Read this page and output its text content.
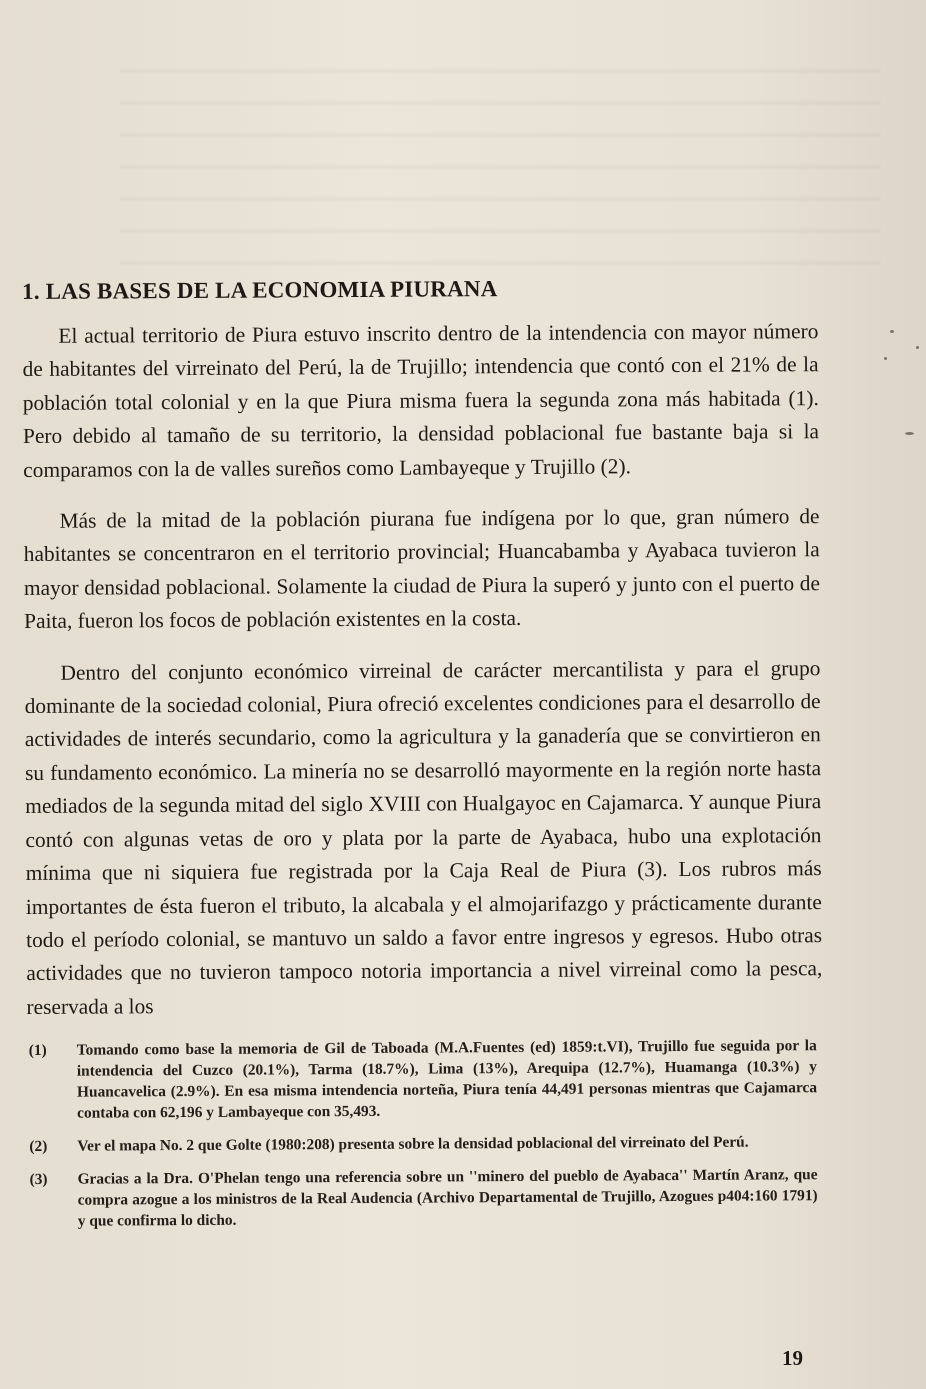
1. LAS BASES DE LA ECONOMIA PIURANA

El actual territorio de Piura estuvo inscrito dentro de la intendencia con mayor número de habitantes del virreinato del Perú, la de Trujillo; intendencia que contó con el 21% de la población total colonial y en la que Piura misma fuera la segunda zona más habitada (1). Pero debido al tamaño de su territorio, la densidad poblacional fue bastante baja si la comparamos con la de valles sureños como Lambayeque y Trujillo (2).

Más de la mitad de la población piurana fue indígena por lo que, gran número de habitantes se concentraron en el territorio provincial; Huancabamba y Ayabaca tuvieron la mayor densidad poblacional. Solamente la ciudad de Piura la superó y junto con el puerto de Paita, fueron los focos de población existentes en la costa.

Dentro del conjunto económico virreinal de carácter mercantilista y para el grupo dominante de la sociedad colonial, Piura ofreció excelentes condiciones para el desarrollo de actividades de interés secundario, como la agricultura y la ganadería que se convirtieron en su fundamento económico. La minería no se desarrolló mayormente en la región norte hasta mediados de la segunda mitad del siglo XVIII con Hualgayoc en Cajamarca. Y aunque Piura contó con algunas vetas de oro y plata por la parte de Ayabaca, hubo una explotación mínima que ni siquiera fue registrada por la Caja Real de Piura (3). Los rubros más importantes de ésta fueron el tributo, la alcabala y el almojarifazgo y prácticamente durante todo el período colonial, se mantuvo un saldo a favor entre ingresos y egresos. Hubo otras actividades que no tuvieron tampoco notoria importancia a nivel virreinal como la pesca, reservada a los

(1)	Tomando como base la memoria de Gil de Taboada (M.A.Fuentes (ed) 1859:t.VI), Trujillo fue seguida por la intendencia del Cuzco (20.1%), Tarma (18.7%), Lima (13%), Arequipa (12.7%), Huamanga (10.3%) y Huancavelica (2.9%). En esa misma intendencia norteña, Piura tenía 44,491 personas mientras que Cajamarca contaba con 62,196 y Lambayeque con 35,493.
(2)	Ver el mapa No. 2 que Golte (1980:208) presenta sobre la densidad poblacional del virreinato del Perú.
(3)	Gracias a la Dra. O'Phelan tengo una referencia sobre un ''minero del pueblo de Ayabaca'' Martín Aranz, que compra azogue a los ministros de la Real Audencia (Archivo Departamental de Trujillo, Azogues p404:160 1791) y que confirma lo dicho.
19
